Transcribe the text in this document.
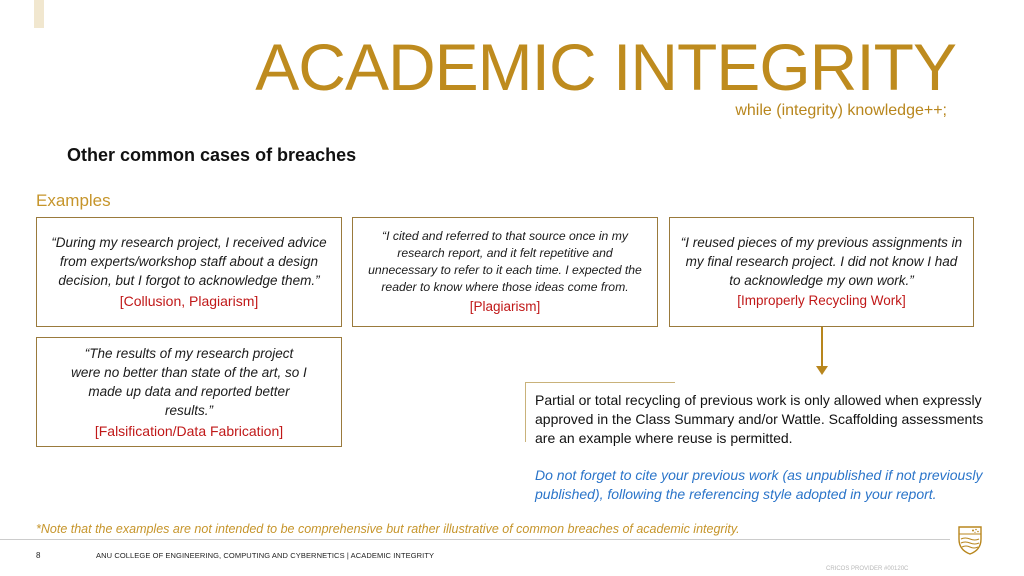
ACADEMIC INTEGRITY
while (integrity) knowledge++;
Other common cases of breaches
Examples
“During my research project, I received advice from experts/workshop staff about a design decision, but I forgot to acknowledge them.”
[Collusion, Plagiarism]
“I cited and referred to that source once in my research report, and it felt repetitive and unnecessary to refer to it each time. I expected the reader to know where those ideas come from.
[Plagiarism]
“I reused pieces of my previous assignments in my final research project. I did not know I had to acknowledge my own work.”
[Improperly Recycling Work]
“The results of my research project were no better than state of the art, so I made up data and reported better results.”
[Falsification/Data Fabrication]
Partial or total recycling of previous work is only allowed when expressly approved in the Class Summary and/or Wattle. Scaffolding assessments are an example where reuse is permitted.
Do not forget to cite your previous work (as unpublished if not previously published), following the referencing style adopted in your report.
*Note that the examples are not intended to be comprehensive but rather illustrative of common breaches of academic integrity.
8	ANU COLLEGE OF ENGINEERING, COMPUTING AND CYBERNETICS | ACADEMIC INTEGRITY
CRICOS PROVIDER #00120C
